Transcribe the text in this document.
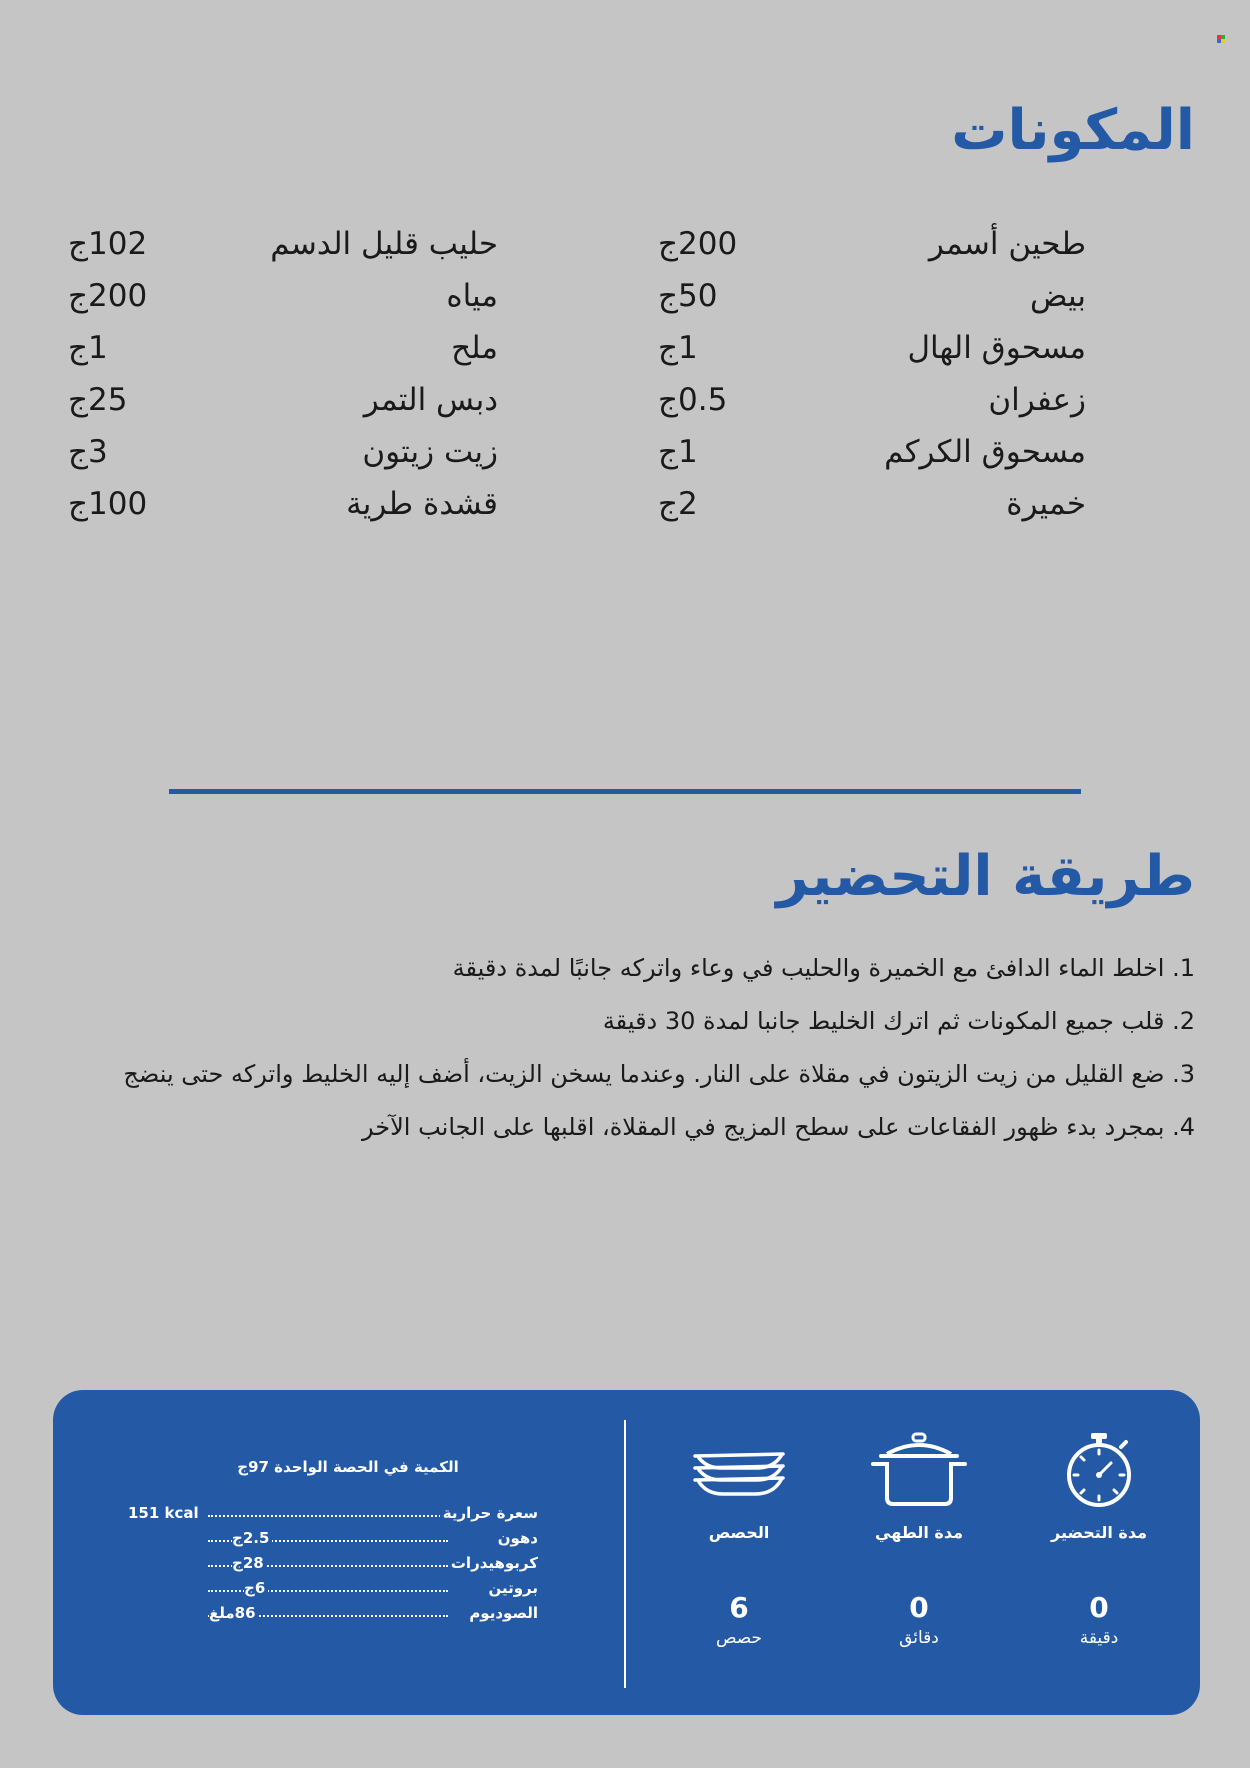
المكونات
طحين أسمر
200ج
بيض
50ج
مسحوق الهال
1ج
زعفران
0.5ج
مسحوق الكركم
1ج
خميرة
2ج
حليب قليل الدسم
102ج
مياه
200ج
ملح
1ج
دبس التمر
25ج
زيت زيتون
3ج
قشدة طرية
100ج
طريقة التحضير
1. اخلط الماء الدافئ مع الخميرة والحليب في وعاء واتركه جانبًا لمدة دقيقة
2. قلب جميع المكونات ثم اترك الخليط جانبا لمدة 30 دقيقة
3. ضع القليل من زيت الزيتون في مقلاة على النار. وعندما يسخن الزيت، أضف إليه الخليط واتركه حتى ينضج
4. بمجرد بدء ظهور الفقاعات على سطح المزيج في المقلاة، اقلبها على الجانب الآخر
مدة التحضير
0
دقيقة
مدة الطهي
0
دقائق
الحصص
6
حصص
الكمية في الحصة الواحدة 97ج
سعرة حرارية
151 kcal
دهون
2.5ج
كربوهيدرات
28ج
بروتين
6ج
الصوديوم
86ملغ
